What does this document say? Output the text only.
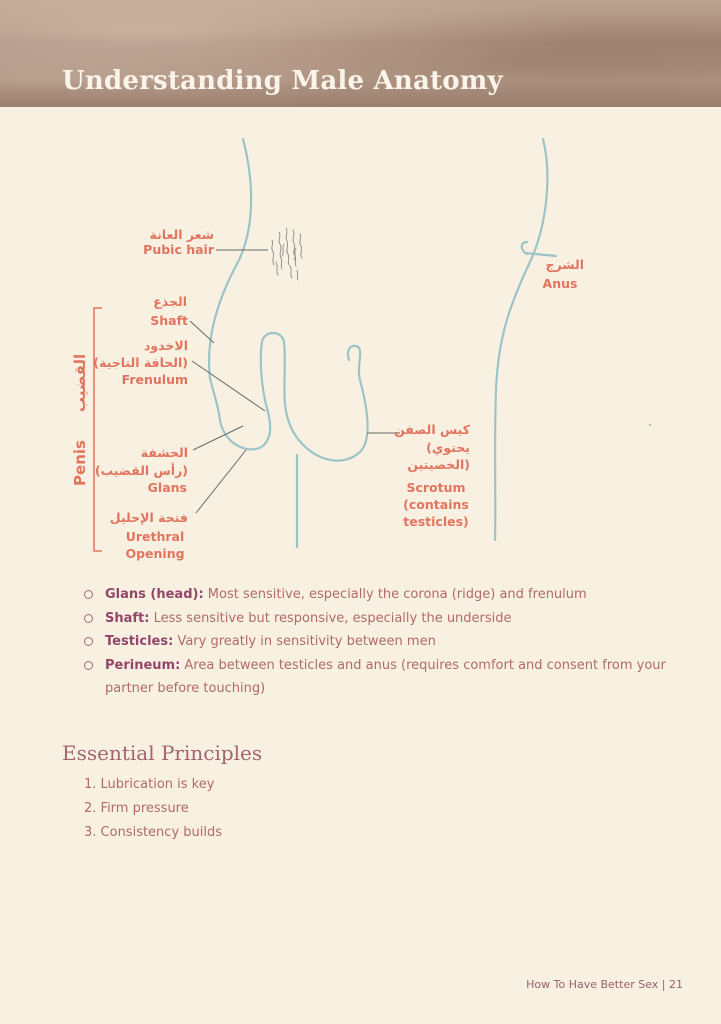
Understanding Male Anatomy
شعر العانة
Pubic hair
الشرج
Anus
الجذع
Shaft
الاخدود
(الحافة التاجية)
Frenulum
الحشفة
(رأس القضيب)
Glans
فتحة الإحليل
Urethral
Opening
كيس الصفن
(يحتوي
الخصيتين)
Scrotum
(contains
testicles)
القضيب
Penis
Glans (head): Most sensitive, especially the corona (ridge) and frenulum
Shaft: Less sensitive but responsive, especially the underside
Testicles: Vary greatly in sensitivity between men
Perineum: Area between testicles and anus (requires comfort and consent from your partner before touching)
Essential Principles
1. Lubrication is key
2. Firm pressure
3. Consistency builds
How To Have Better Sex | 21
